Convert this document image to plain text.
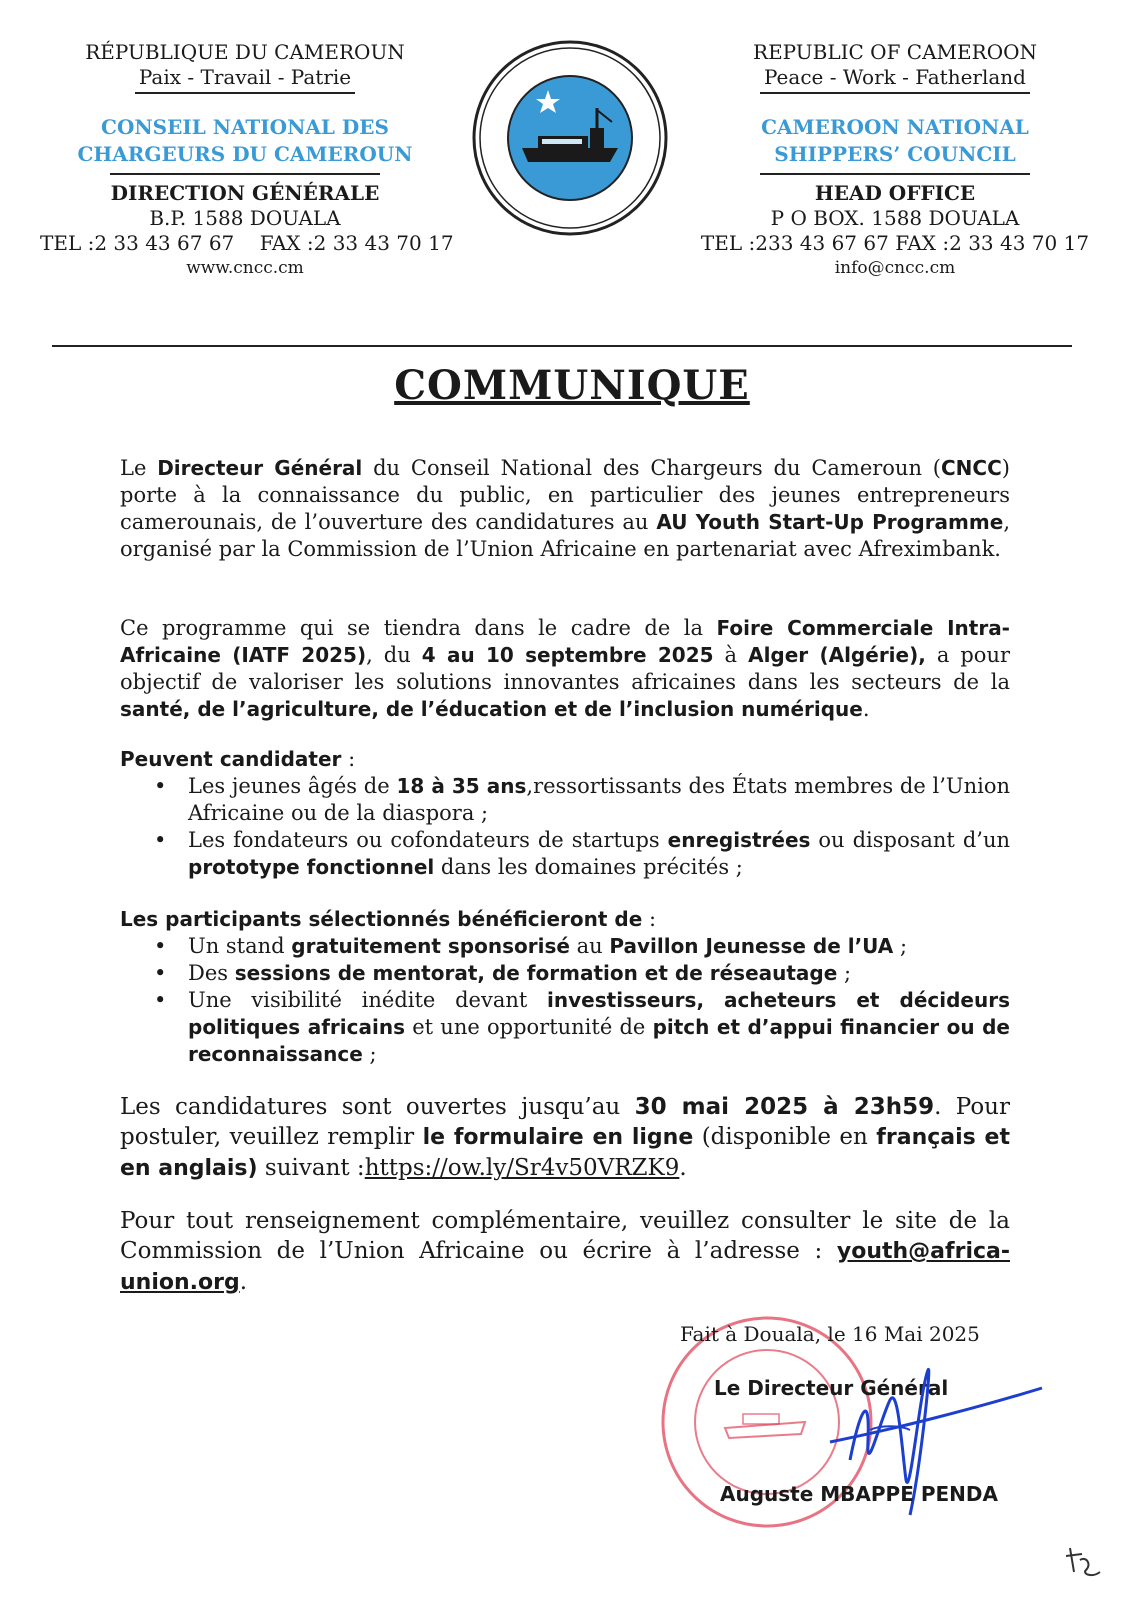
RÉPUBLIQUE DU CAMEROUN
Paix - Travail - Patrie
CONSEIL NATIONAL DES
CHARGEURS DU CAMEROUN
DIRECTION GÉNÉRALE
B.P. 1588 DOUALA
TEL :2 33 43 67 67    FAX :2 33 43 70 17
www.cncc.cm
REPUBLIC OF CAMEROON
Peace - Work - Fatherland
CAMEROON NATIONAL
SHIPPERS’ COUNCIL
HEAD OFFICE
P O BOX. 1588 DOUALA
TEL :233 43 67 67 FAX :2 33 43 70 17
info@cncc.cm
COMMUNIQUE
Le Directeur Général du Conseil National des Chargeurs du Cameroun (CNCC) porte à la connaissance du public, en particulier des jeunes entrepreneurs camerounais, de l’ouverture des candidatures au AU Youth Start-Up Programme, organisé par la Commission de l’Union Africaine en partenariat avec Afreximbank.
Ce programme qui se tiendra dans le cadre de la Foire Commerciale Intra-Africaine (IATF 2025), du 4 au 10 septembre 2025 à Alger (Algérie), a pour objectif de valoriser les solutions innovantes africaines dans les secteurs de la santé, de l’agriculture, de l’éducation et de l’inclusion numérique.
Peuvent candidater :
• Les jeunes âgés de 18 à 35 ans,ressortissants des États membres de l’Union Africaine ou de la diaspora ;
• Les fondateurs ou cofondateurs de startups enregistrées ou disposant d’un prototype fonctionnel dans les domaines précités ;
Les participants sélectionnés bénéficieront de :
• Un stand gratuitement sponsorisé au Pavillon Jeunesse de l’UA ;
• Des sessions de mentorat, de formation et de réseautage ;
• Une visibilité inédite devant investisseurs, acheteurs et décideurs politiques africains et une opportunité de pitch et d’appui financier ou de reconnaissance ;
Les candidatures sont ouvertes jusqu’au 30 mai 2025 à 23h59. Pour postuler, veuillez remplir le formulaire en ligne (disponible en français et en anglais) suivant :https://ow.ly/Sr4v50VRZK9.
Pour tout renseignement complémentaire, veuillez consulter le site de la Commission de l’Union Africaine ou écrire à l’adresse : youth@africa-union.org.
Fait à Douala, le 16 Mai 2025
Le Directeur Général
Auguste MBAPPE PENDA
